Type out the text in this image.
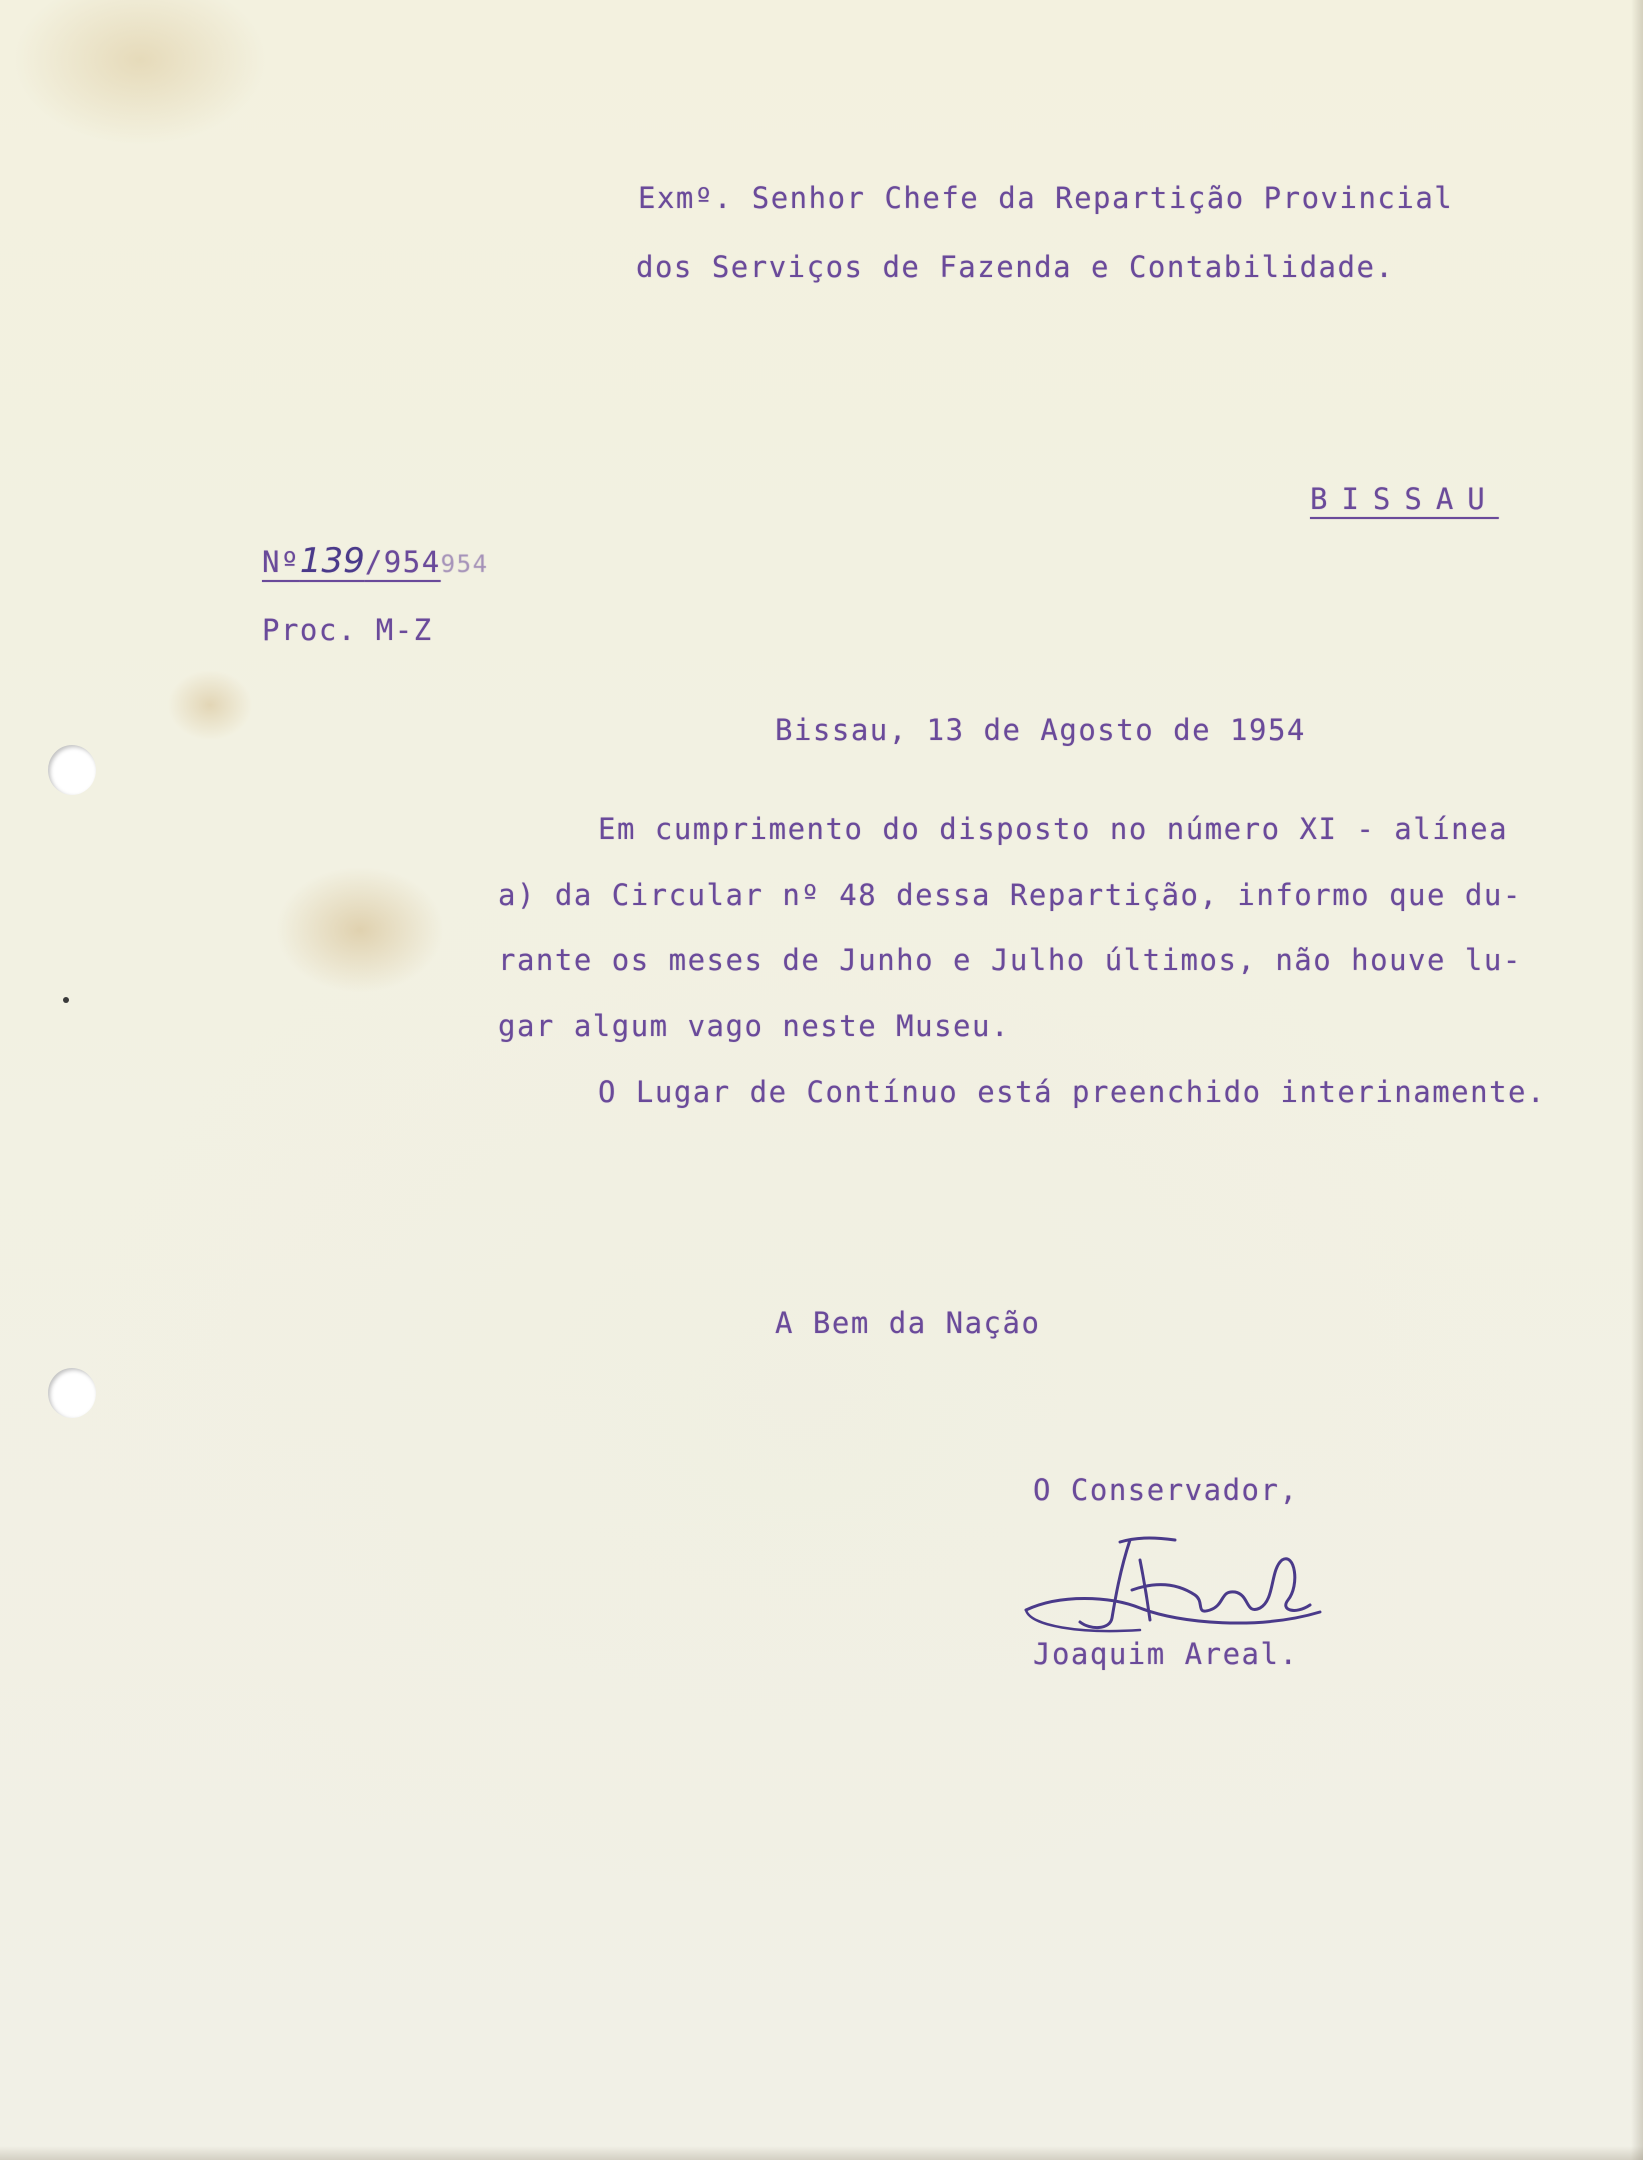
Exmº. Senhor Chefe da Repartição Provincial
dos Serviços de Fazenda e Contabilidade.
BISSAU
Nº139/954954
Proc. M-Z
Bissau, 13 de Agosto de 1954
Em cumprimento do disposto no número XI - alínea
a) da Circular nº 48 dessa Repartição, informo que du-
rante os meses de Junho e Julho últimos, não houve lu-
gar algum vago neste Museu.
O Lugar de Contínuo está preenchido interinamente.
A Bem da Nação
O Conservador,
Joaquim Areal.
